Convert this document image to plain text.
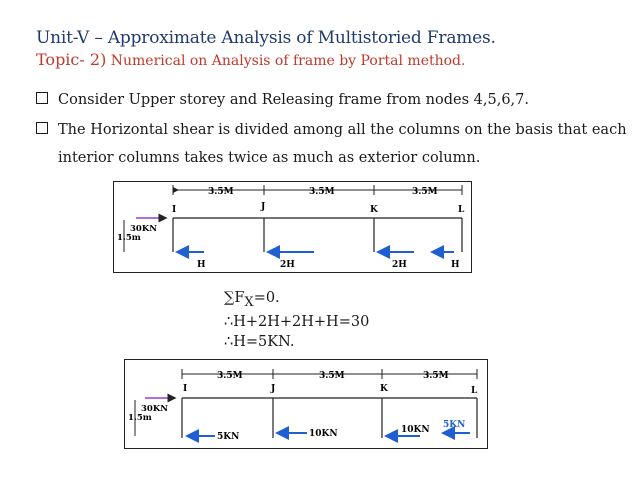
Unit-V – Approximate Analysis of Multistoried Frames.
Topic- 2) Numerical on Analysis of frame by Portal method.
Consider Upper storey and Releasing frame from nodes 4,5,6,7.
The Horizontal shear is divided among all the columns on the basis that each
interior columns takes twice as much as exterior column.
3.5M	3.5M	3.5M
I	J	K	L
30KN
1.5m
H	2H	2H	H
$\sum F_X=0$.
∴H+2H+2H+H=30
∴H=5KN.
3.5M	3.5M	3.5M
I	J	K	L
30KN
1.5m
5KN	10KN	10KN 5KN
